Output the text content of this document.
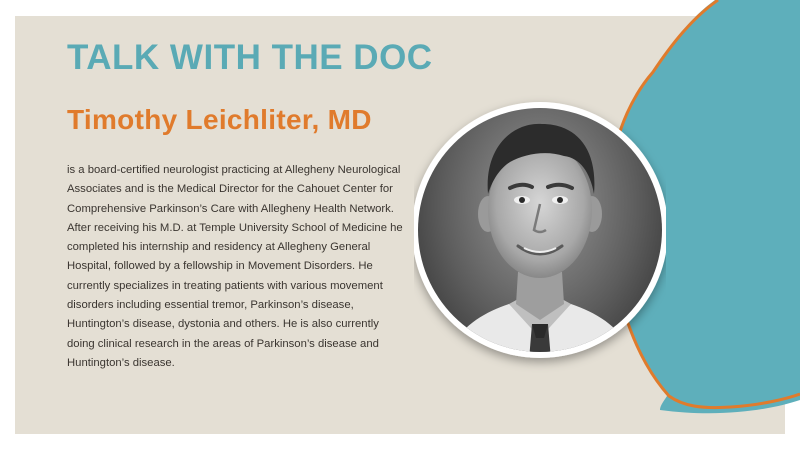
TALK WITH THE DOC
Timothy Leichliter, MD

is a board-certified neurologist practicing at Allegheny Neurological Associates and is the Medical Director for the Cahouet Center for Comprehensive Parkinson’s Care with Allegheny Health Network. After receiving his M.D. at Temple University School of Medicine he completed his internship and residency at Allegheny General Hospital, followed by a fellowship in Movement Disorders. He currently specializes in treating patients with various movement disorders including essential tremor, Parkinson’s disease, Huntington’s disease, dystonia and others. He is also currently doing clinical research in the areas of Parkinson’s disease and Huntington’s disease.
